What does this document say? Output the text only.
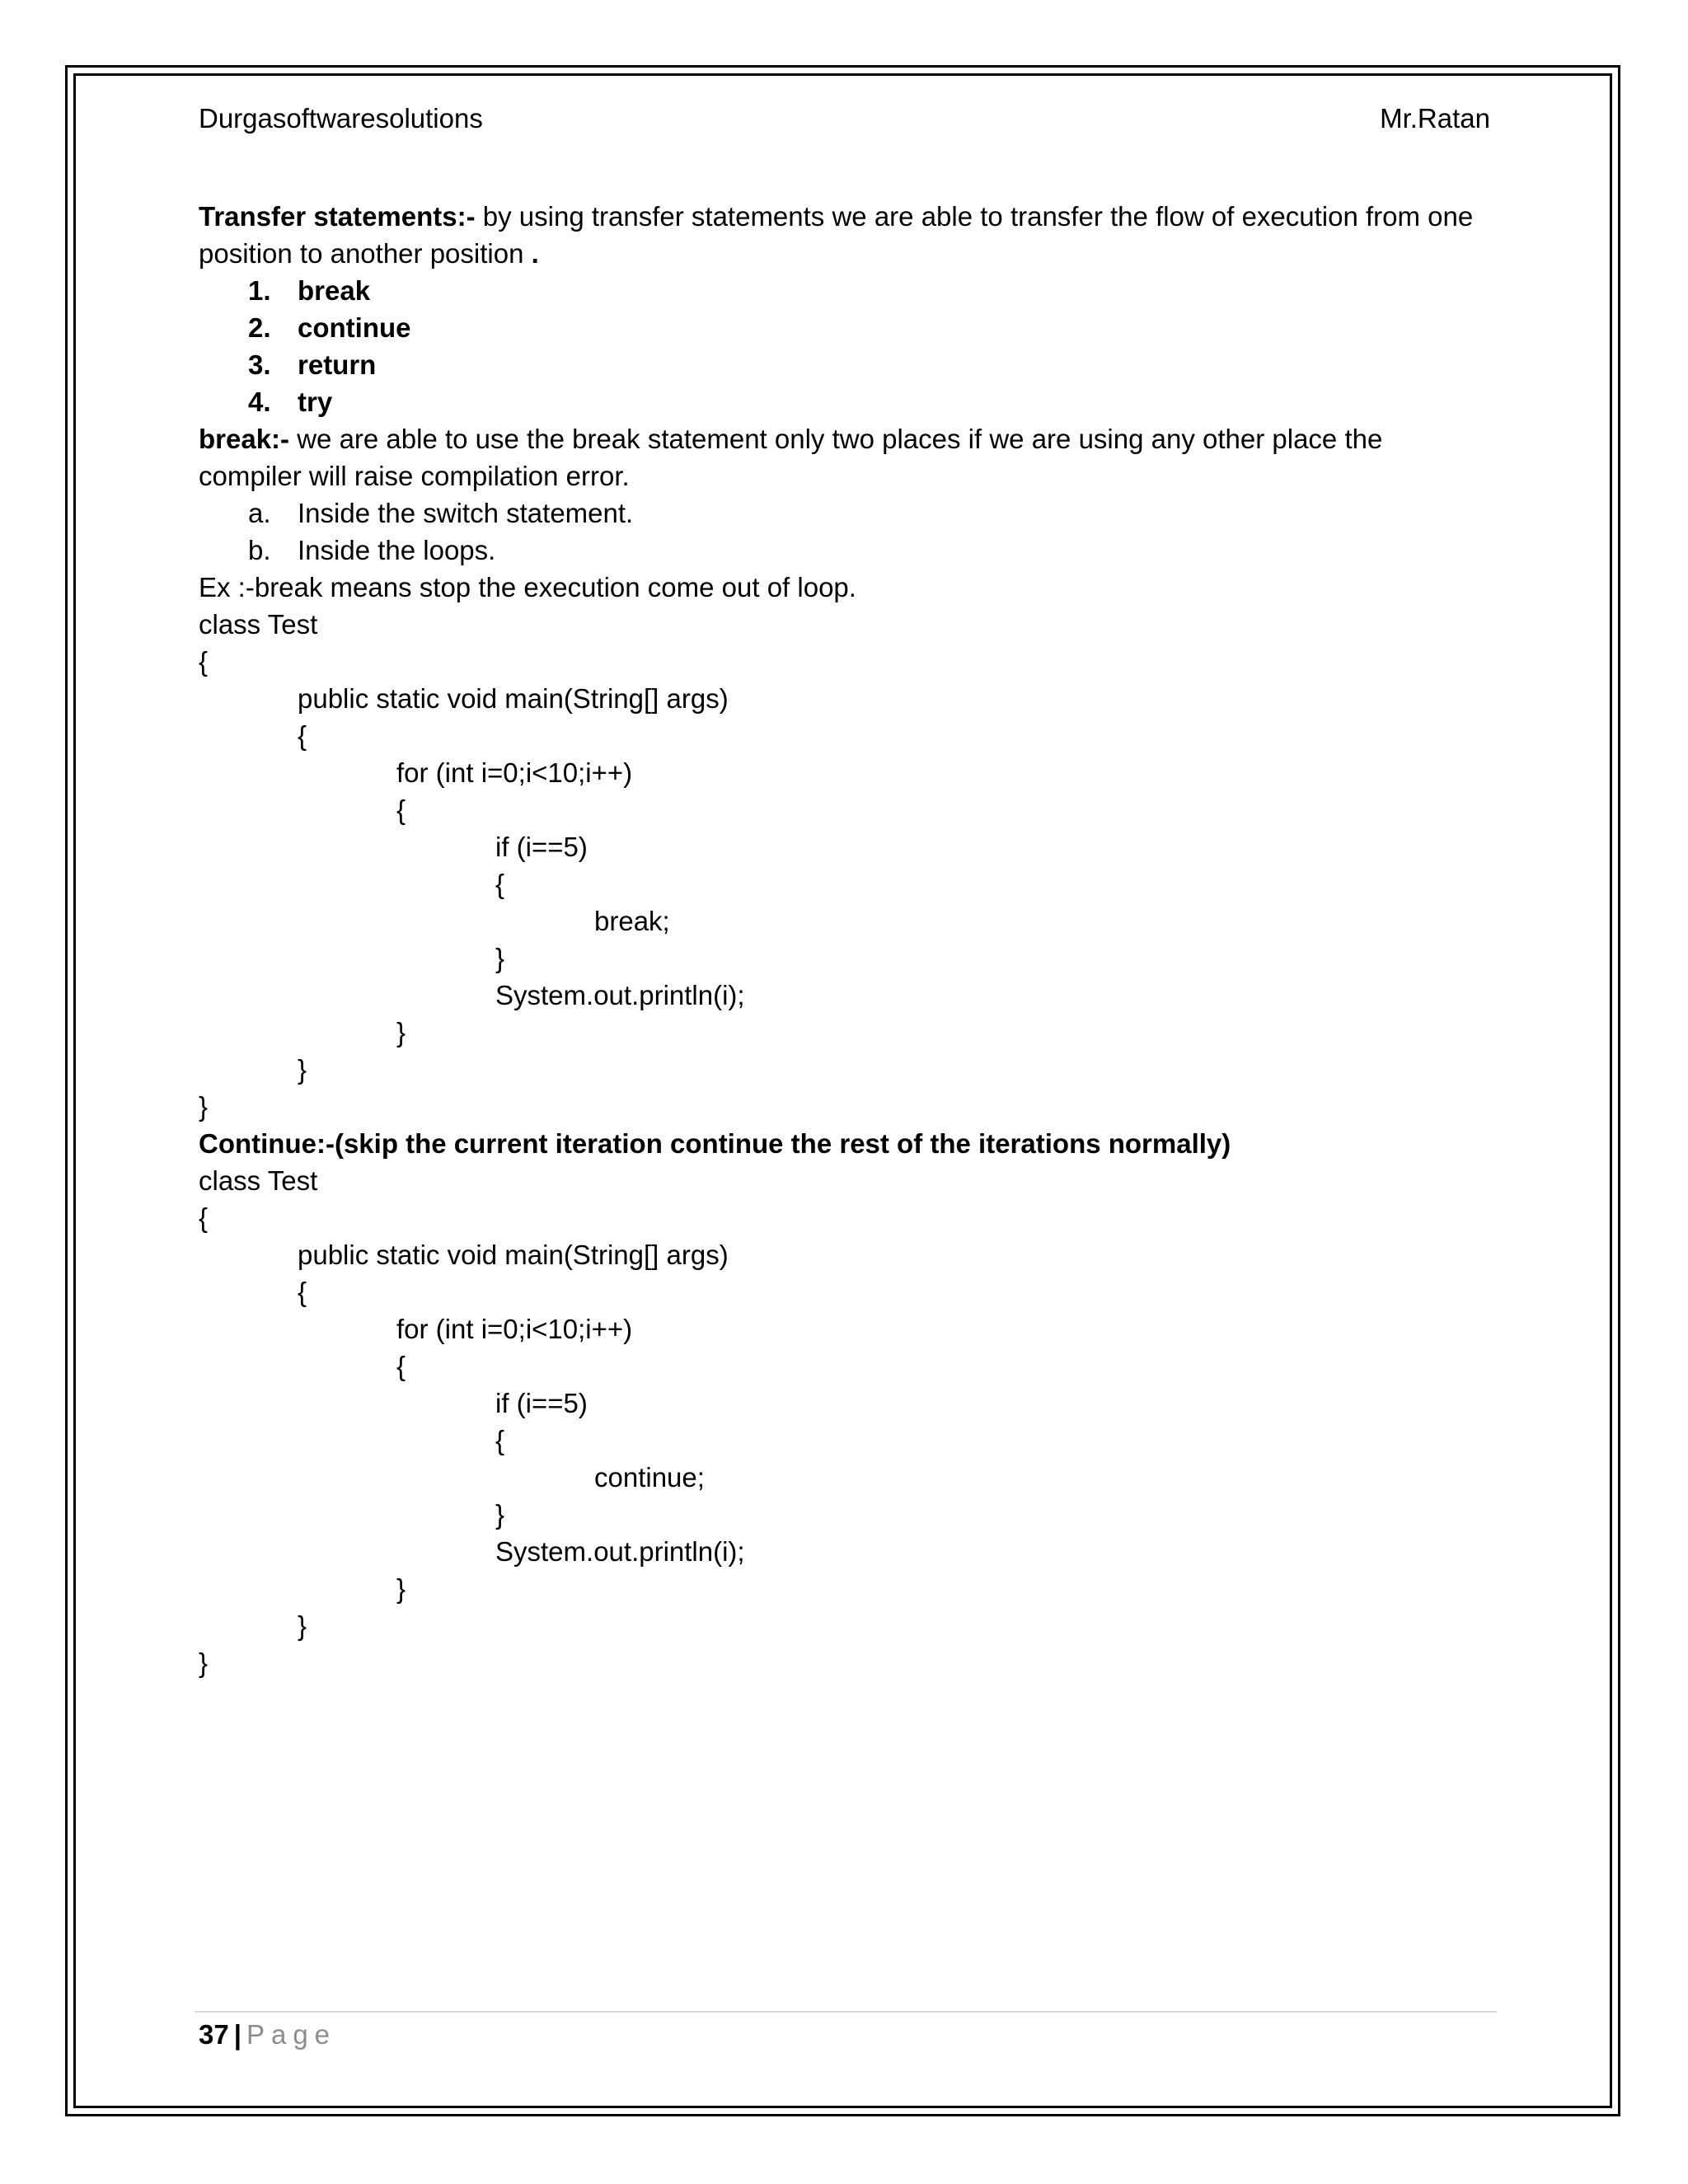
Durgasoftwaresolutions	Mr.Ratan
Transfer statements:- by using transfer statements we are able to transfer the flow of execution from one position to another position .
1. break
2. continue
3. return
4. try
break:- we are able to use the break statement only two places if we are using any other place the compiler will raise compilation error.
a. Inside the switch statement.
b. Inside the loops.
Ex :-break means stop the execution come out of loop.
class Test
{
public static void main(String[] args)
{
for (int i=0;i<10;i++)
{
if (i==5)
{
break;
}
System.out.println(i);
}
}
}
Continue:-(skip the current iteration continue the rest of the iterations normally)
class Test
{
public static void main(String[] args)
{
for (int i=0;i<10;i++)
{
if (i==5)
{
continue;
}
System.out.println(i);
}
}
}
37 | Page
